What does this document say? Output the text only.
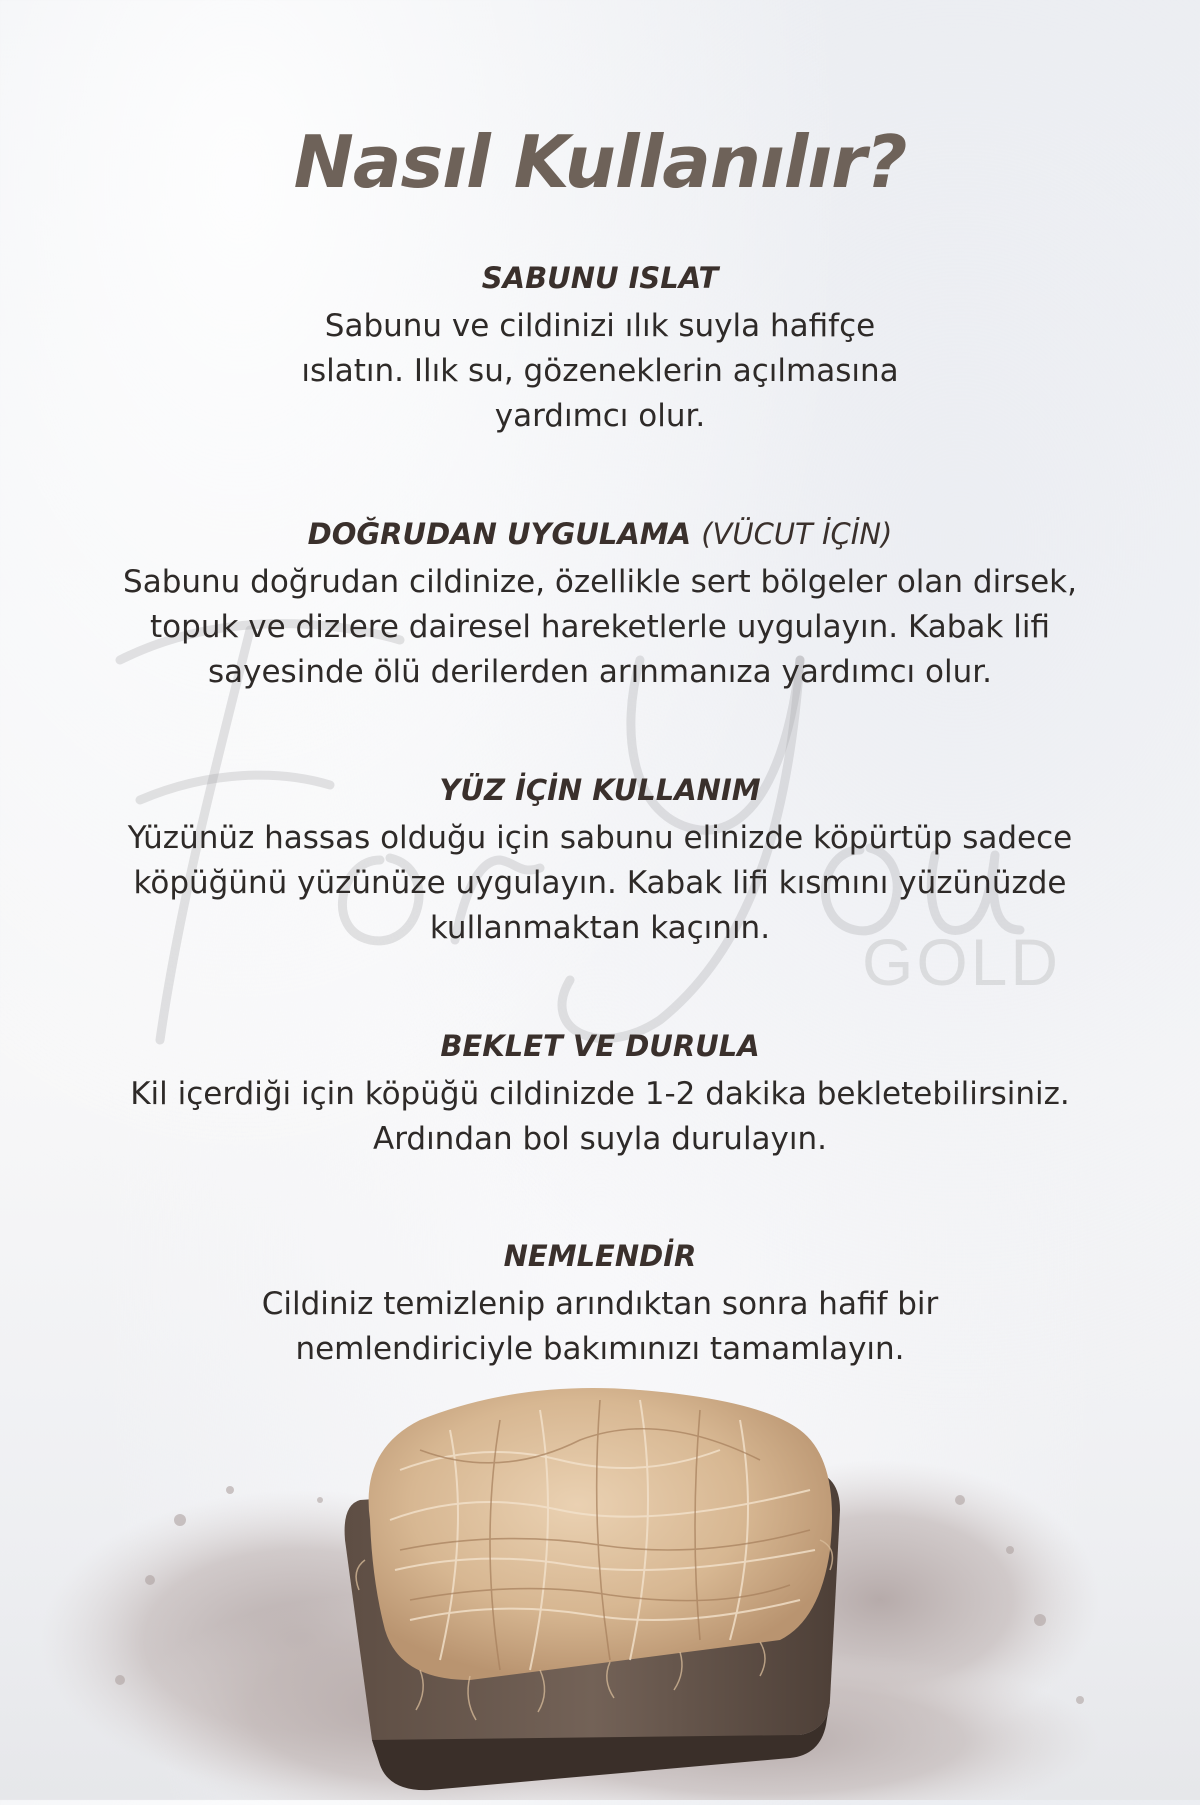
GOLD
Nasıl Kullanılır?

SABUNU ISLAT

Sabunu ve cildinizi ılık suyla hafifçe
ıslatın. Ilık su, gözeneklerin açılmasına
yardımcı olur.

DOĞRUDAN UYGULAMA (VÜCUT İÇİN)

Sabunu doğrudan cildinize, özellikle sert bölgeler olan dirsek,
topuk ve dizlere dairesel hareketlerle uygulayın. Kabak lifi
sayesinde ölü derilerden arınmanıza yardımcı olur.

YÜZ İÇİN KULLANIM

Yüzünüz hassas olduğu için sabunu elinizde köpürtüp sadece
köpüğünü yüzünüze uygulayın. Kabak lifi kısmını yüzünüzde
kullanmaktan kaçının.

BEKLET VE DURULA

Kil içerdiği için köpüğü cildinizde 1-2 dakika bekletebilirsiniz.
Ardından bol suyla durulayın.

NEMLENDİR

Cildiniz temizlenip arındıktan sonra hafif bir
nemlendiriciyle bakımınızı tamamlayın.
